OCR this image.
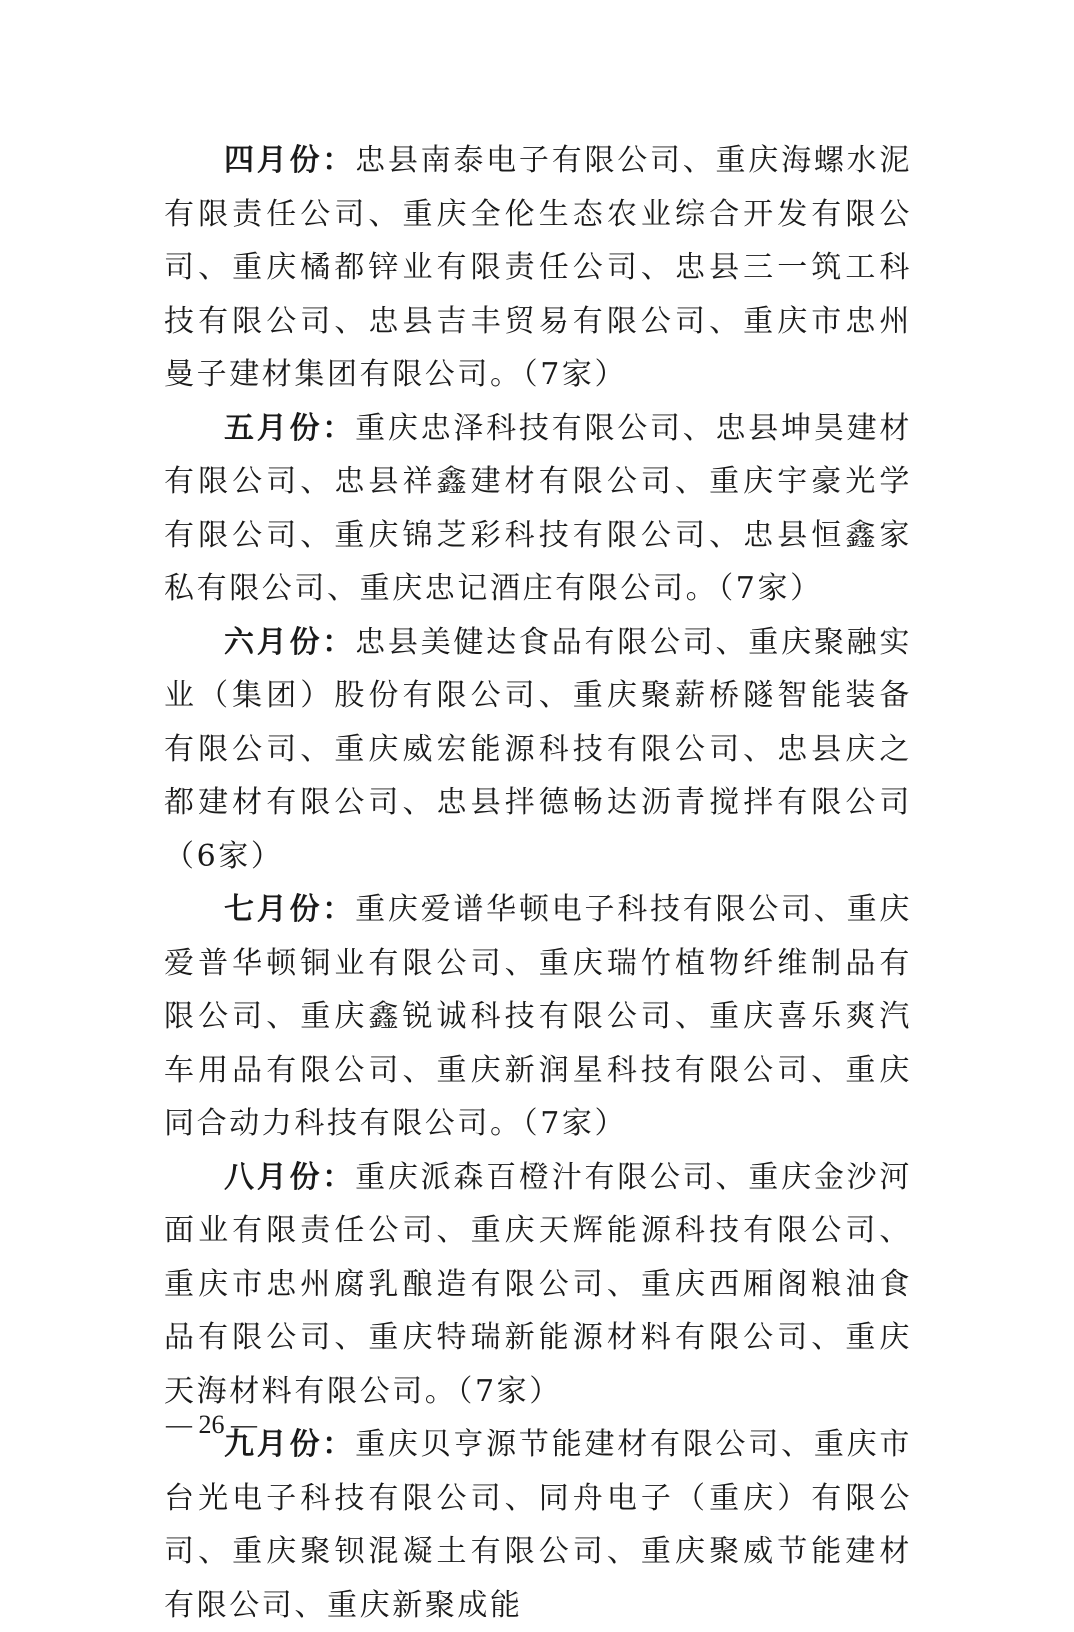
四月份：忠县南泰电子有限公司、重庆海螺水泥有限责任公司、重庆全伦生态农业综合开发有限公司、重庆橘都锌业有限责任公司、忠县三一筑工科技有限公司、忠县吉丰贸易有限公司、重庆市忠州曼子建材集团有限公司。（7家）

五月份：重庆忠泽科技有限公司、忠县坤昊建材有限公司、忠县祥鑫建材有限公司、重庆宇豪光学有限公司、重庆锦芝彩科技有限公司、忠县恒鑫家私有限公司、重庆忠记酒庄有限公司。（7家）

六月份：忠县美健达食品有限公司、重庆聚融实业（集团）股份有限公司、重庆聚薪桥隧智能装备有限公司、重庆威宏能源科技有限公司、忠县庆之都建材有限公司、忠县拌德畅达沥青搅拌有限公司（6家）

七月份：重庆爱谱华顿电子科技有限公司、重庆爱普华顿铜业有限公司、重庆瑞竹植物纤维制品有限公司、重庆鑫锐诚科技有限公司、重庆喜乐爽汽车用品有限公司、重庆新润星科技有限公司、重庆同合动力科技有限公司。（7家）

八月份：重庆派森百橙汁有限公司、重庆金沙河面业有限责任公司、重庆天辉能源科技有限公司、重庆市忠州腐乳酿造有限公司、重庆西厢阁粮油食品有限公司、重庆特瑞新能源材料有限公司、重庆天海材料有限公司。（7家）

九月份：重庆贝亨源节能建材有限公司、重庆市台光电子科技有限公司、同舟电子（重庆）有限公司、重庆聚钡混凝土有限公司、重庆聚威节能建材有限公司、重庆新聚成能

— 26 —
